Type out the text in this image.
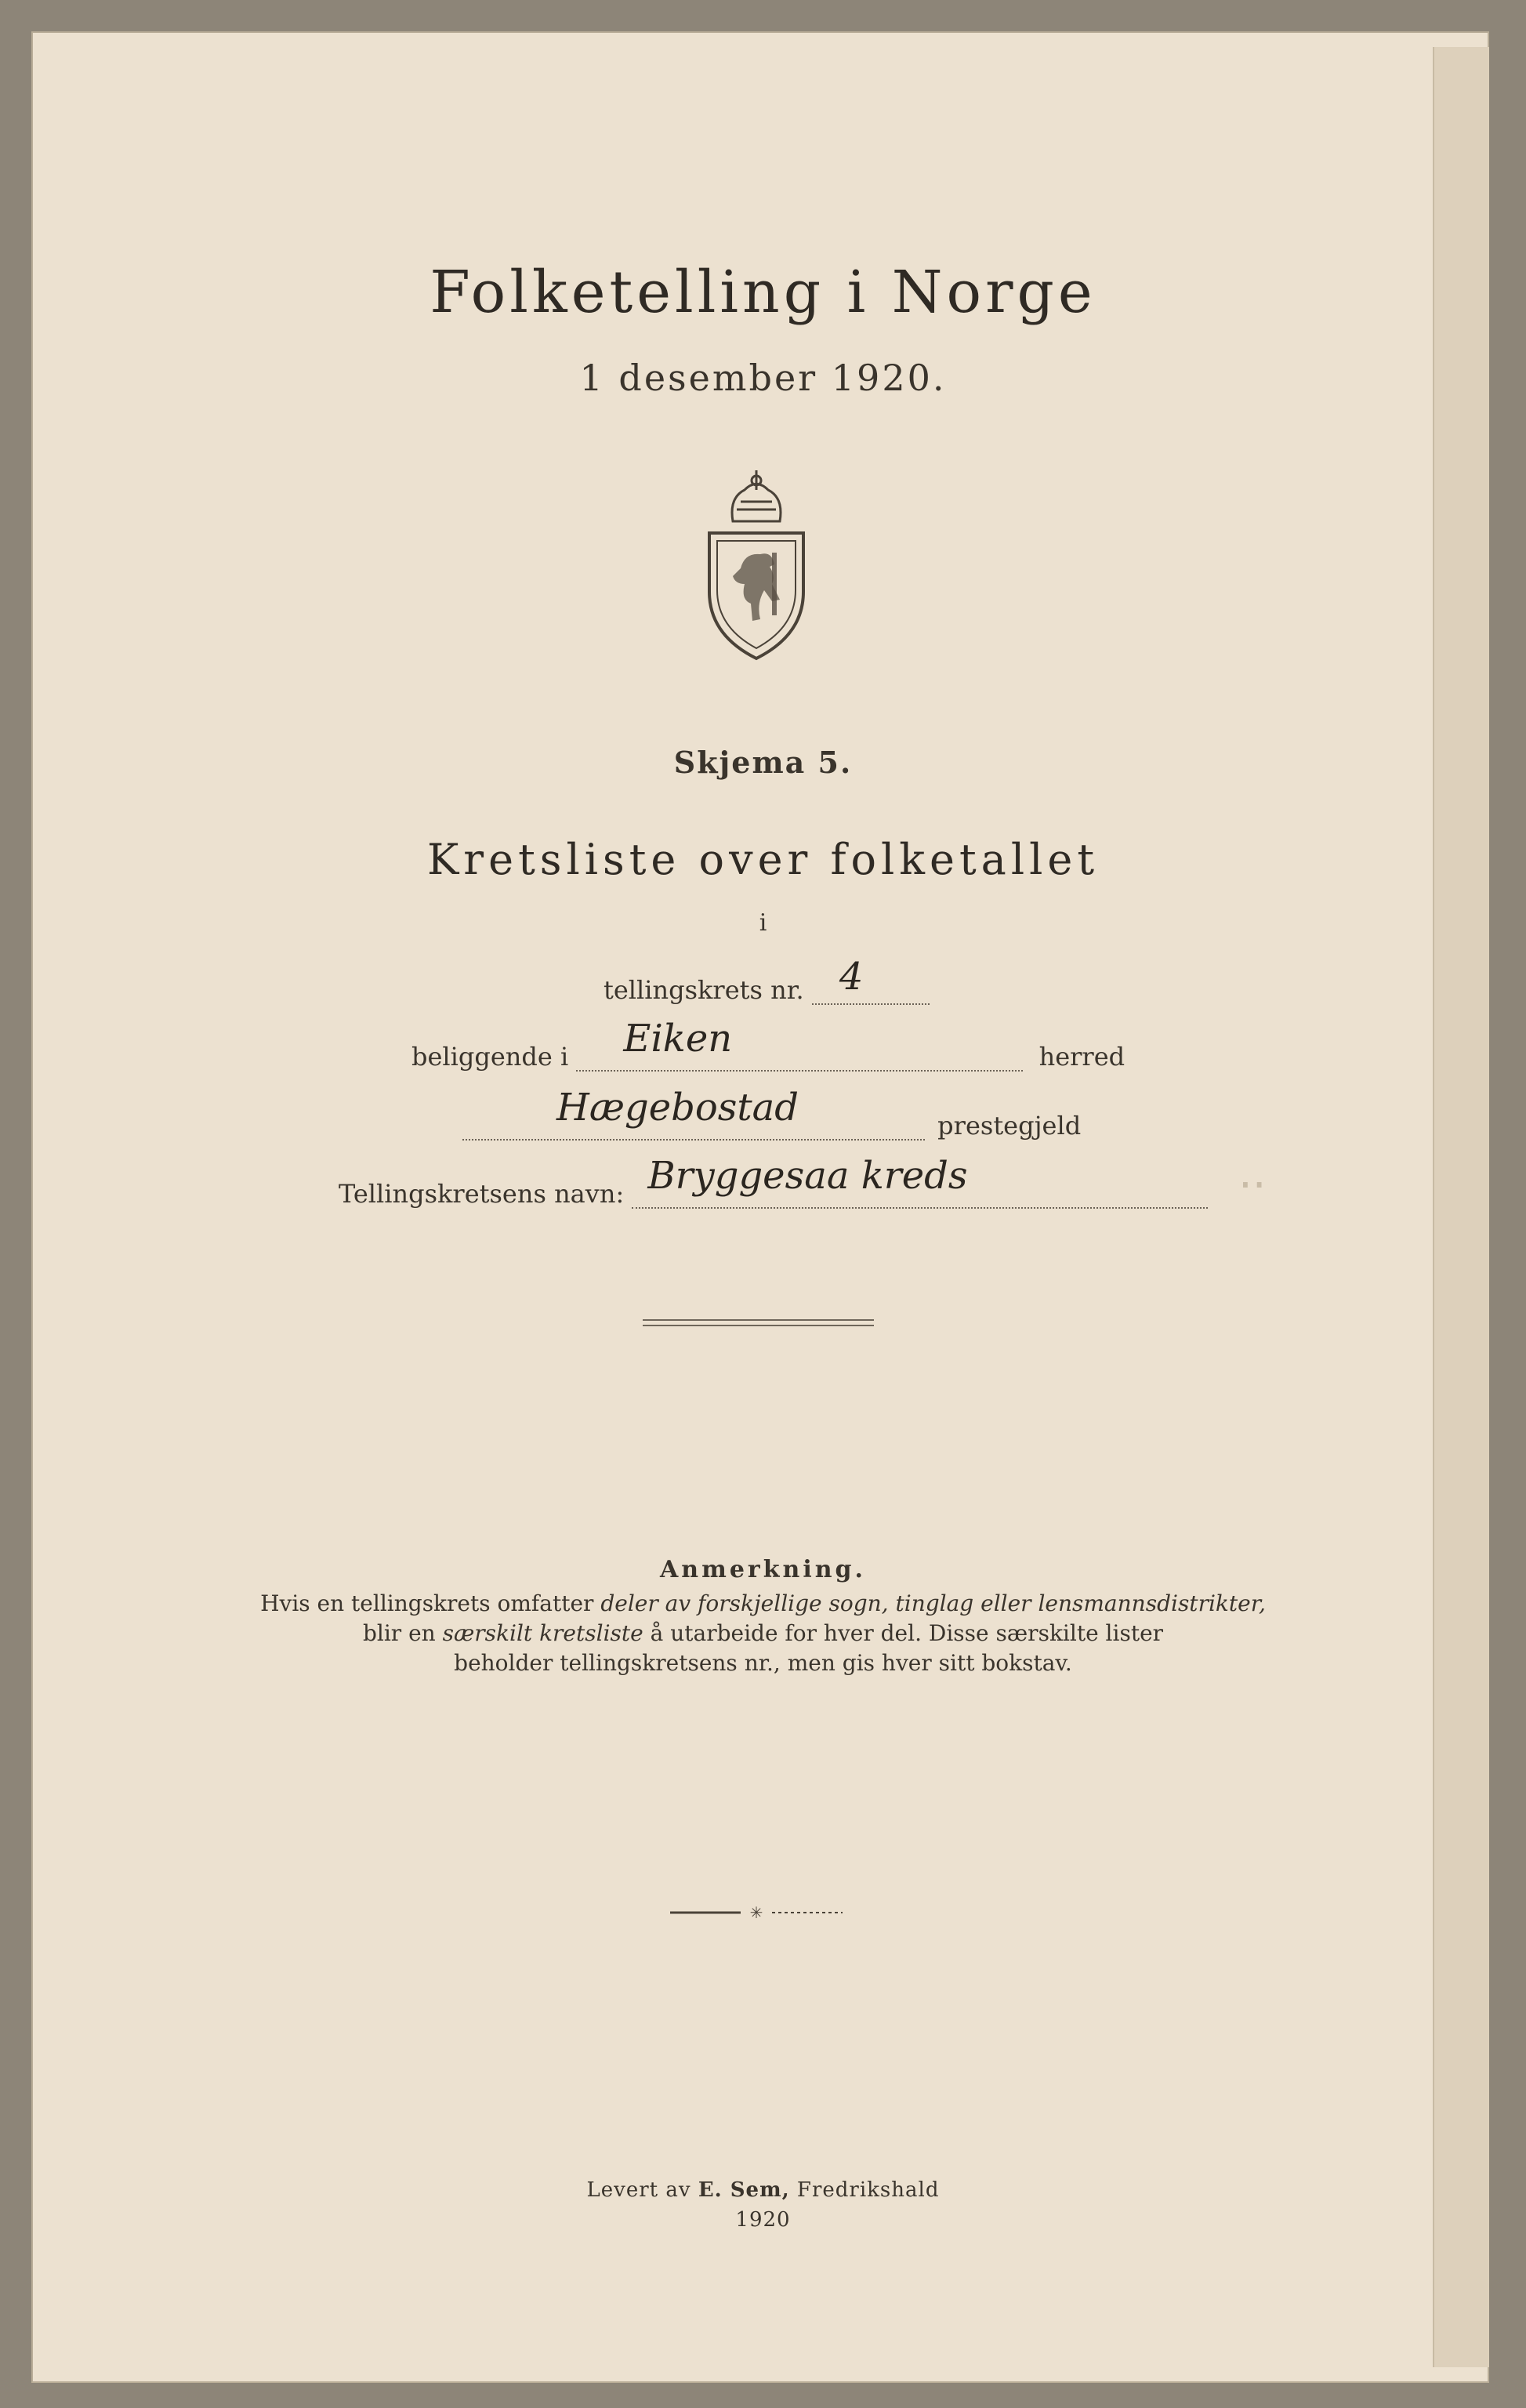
··
Folketelling i Norge
1 desember 1920.
Skjema 5.
Kretsliste over folketallet
i
tellingskrets nr. 4
beliggende i Eiken	herred
Hægebostad	prestegjeld
Tellingskretsens navn: Bryggesaa kreds
Anmerkning.
Hvis en tellingskrets omfatter deler av forskjellige sogn, tinglag eller lensmannsdistrikter,
blir en særskilt kretsliste å utarbeide for hver del. Disse særskilte lister
beholder tellingskretsens nr., men gis hver sitt bokstav.
✳
Levert av E. Sem, Fredrikshald
1920
